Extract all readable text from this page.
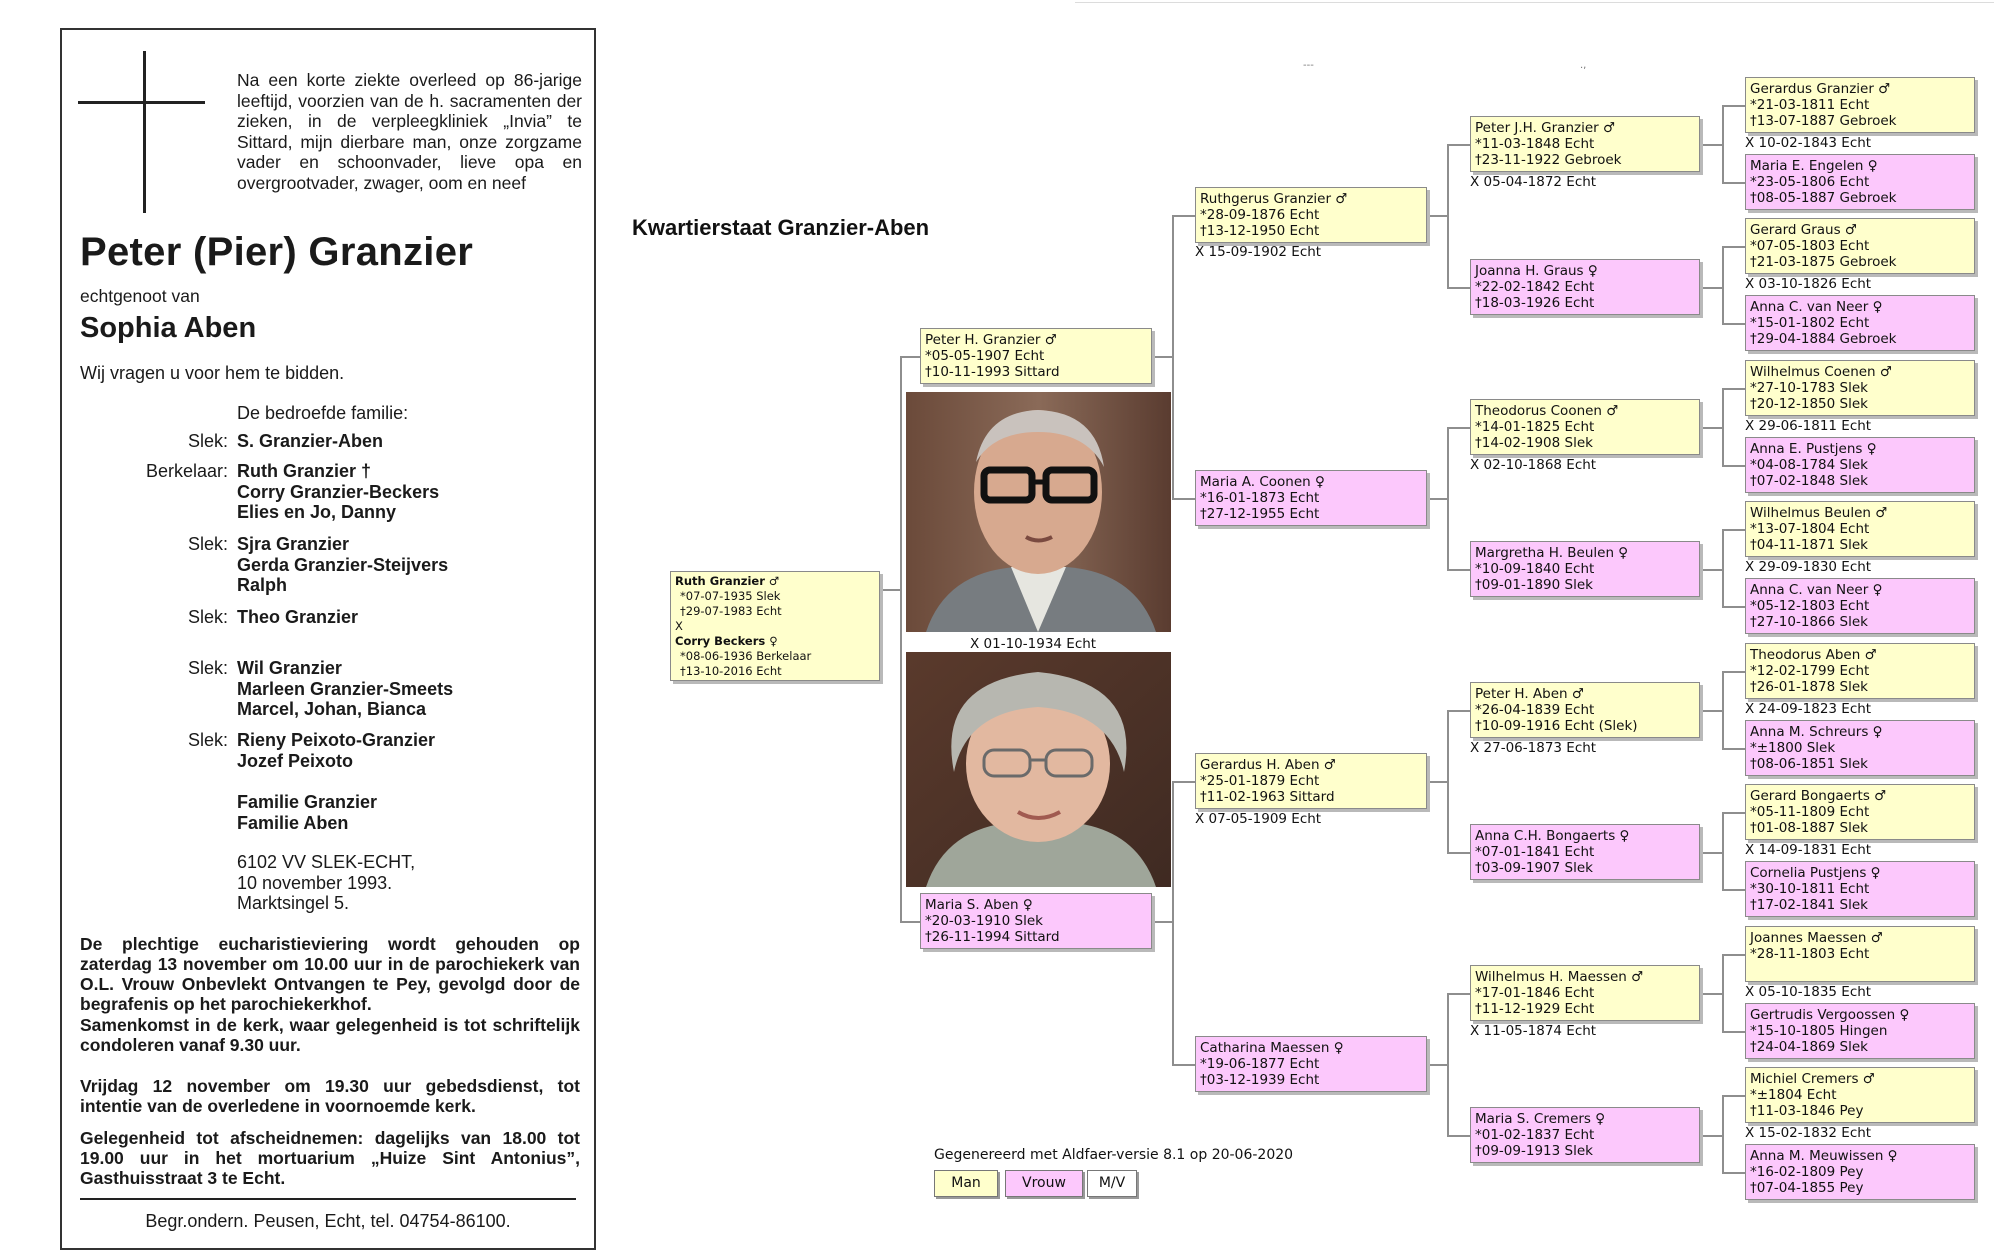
Na een korte ziekte overleed op 86-jarige leeftijd, voorzien van de h. sacramenten der zieken, in de verpleegkliniek „Invia” te Sittard, mijn dierbare man, onze zorgzame vader en schoonvader, lieve opa en overgrootvader, zwager, oom en neef
Peter (Pier) Granzier
echtgenoot van
Sophia Aben
Wij vragen u voor hem te bidden.
De bedroefde familie:
Slek: S. Granzier-Aben
Berkelaar: Ruth Granzier †
Corry Granzier-Beckers
Elies en Jo, Danny
Slek: Sjra Granzier
Gerda Granzier-Steijvers
Ralph
Slek: Theo Granzier
Slek: Wil Granzier
Marleen Granzier-Smeets
Marcel, Johan, Bianca
Slek: Rieny Peixoto-Granzier
Jozef Peixoto
Familie Granzier
Familie Aben
6102 VV SLEK-ECHT,
10 november 1993.
Marktsingel 5.
De plechtige eucharistieviering wordt gehouden op zaterdag 13 november om 10.00 uur in de parochiekerk van O.L. Vrouw Onbevlekt Ontvangen te Pey, gevolgd door de begrafenis op het parochiekerkhof.
Samenkomst in de kerk, waar gelegenheid is tot schriftelijk condoleren vanaf 9.30 uur.
Vrijdag 12 november om 19.30 uur gebedsdienst, tot intentie van de overledene in voornoemde kerk.
Gelegenheid tot afscheidnemen: dagelijks van 18.00 tot 19.00 uur in het mortuarium „Huize Sint Antonius”, Gasthuisstraat 3 te Echt.
Begr.ondern. Peusen, Echt, tel. 04754-86100.
Kwartierstaat Granzier-Aben
---	.,
Ruth Granzier ♂
*07-07-1935 Slek
†29-07-1983 Echt
X
Corry Beckers ♀
*08-06-1936 Berkelaar
†13-10-2016 Echt
Peter H. Granzier ♂
*05-05-1907 Echt
†10-11-1993 Sittard
X 01-10-1934 Echt
Maria S. Aben ♀
*20-03-1910 Slek
†26-11-1994 Sittard
Ruthgerus Granzier ♂
*28-09-1876 Echt
†13-12-1950 Echt
X 15-09-1902 Echt
Maria A. Coonen ♀
*16-01-1873 Echt
†27-12-1955 Echt
Gerardus H. Aben ♂
*25-01-1879 Echt
†11-02-1963 Sittard
X 07-05-1909 Echt
Catharina Maessen ♀
*19-06-1877 Echt
†03-12-1939 Echt
Peter J.H. Granzier ♂
*11-03-1848 Echt
†23-11-1922 Gebroek
X 05-04-1872 Echt
Joanna H. Graus ♀
*22-02-1842 Echt
†18-03-1926 Echt
Theodorus Coonen ♂
*14-01-1825 Echt
†14-02-1908 Slek
X 02-10-1868 Echt
Margretha H. Beulen ♀
*10-09-1840 Echt
†09-01-1890 Slek
Peter H. Aben ♂
*26-04-1839 Echt
†10-09-1916 Echt (Slek)
X 27-06-1873 Echt
Anna C.H. Bongaerts ♀
*07-01-1841 Echt
†03-09-1907 Slek
Wilhelmus H. Maessen ♂
*17-01-1846 Echt
†11-12-1929 Echt
X 11-05-1874 Echt
Maria S. Cremers ♀
*01-02-1837 Echt
†09-09-1913 Slek
Gerardus Granzier ♂
*21-03-1811 Echt
†13-07-1887 Gebroek
X 10-02-1843 Echt
Maria E. Engelen ♀
*23-05-1806 Echt
†08-05-1887 Gebroek
Gerard Graus ♂
*07-05-1803 Echt
†21-03-1875 Gebroek
X 03-10-1826 Echt
Anna C. van Neer ♀
*15-01-1802 Echt
†29-04-1884 Gebroek
Wilhelmus Coenen ♂
*27-10-1783 Slek
†20-12-1850 Slek
X 29-06-1811 Echt
Anna E. Pustjens ♀
*04-08-1784 Slek
†07-02-1848 Slek
Wilhelmus Beulen ♂
*13-07-1804 Echt
†04-11-1871 Slek
X 29-09-1830 Echt
Anna C. van Neer ♀
*05-12-1803 Echt
†27-10-1866 Slek
Theodorus Aben ♂
*12-02-1799 Echt
†26-01-1878 Slek
X 24-09-1823 Echt
Anna M. Schreurs ♀
*±1800 Slek
†08-06-1851 Slek
Gerard Bongaerts ♂
*05-11-1809 Echt
†01-08-1887 Slek
X 14-09-1831 Echt
Cornelia Pustjens ♀
*30-10-1811 Echt
†17-02-1841 Slek
Joannes Maessen ♂
*28-11-1803 Echt
X 05-10-1835 Echt
Gertrudis Vergoossen ♀
*15-10-1805 Hingen
†24-04-1869 Slek
Michiel Cremers ♂
*±1804 Echt
†11-03-1846 Pey
X 15-02-1832 Echt
Anna M. Meuwissen ♀
*16-02-1809 Pey
†07-04-1855 Pey
Gegenereerd met Aldfaer-versie 8.1 op 20-06-2020
Man	Vrouw	M/V
